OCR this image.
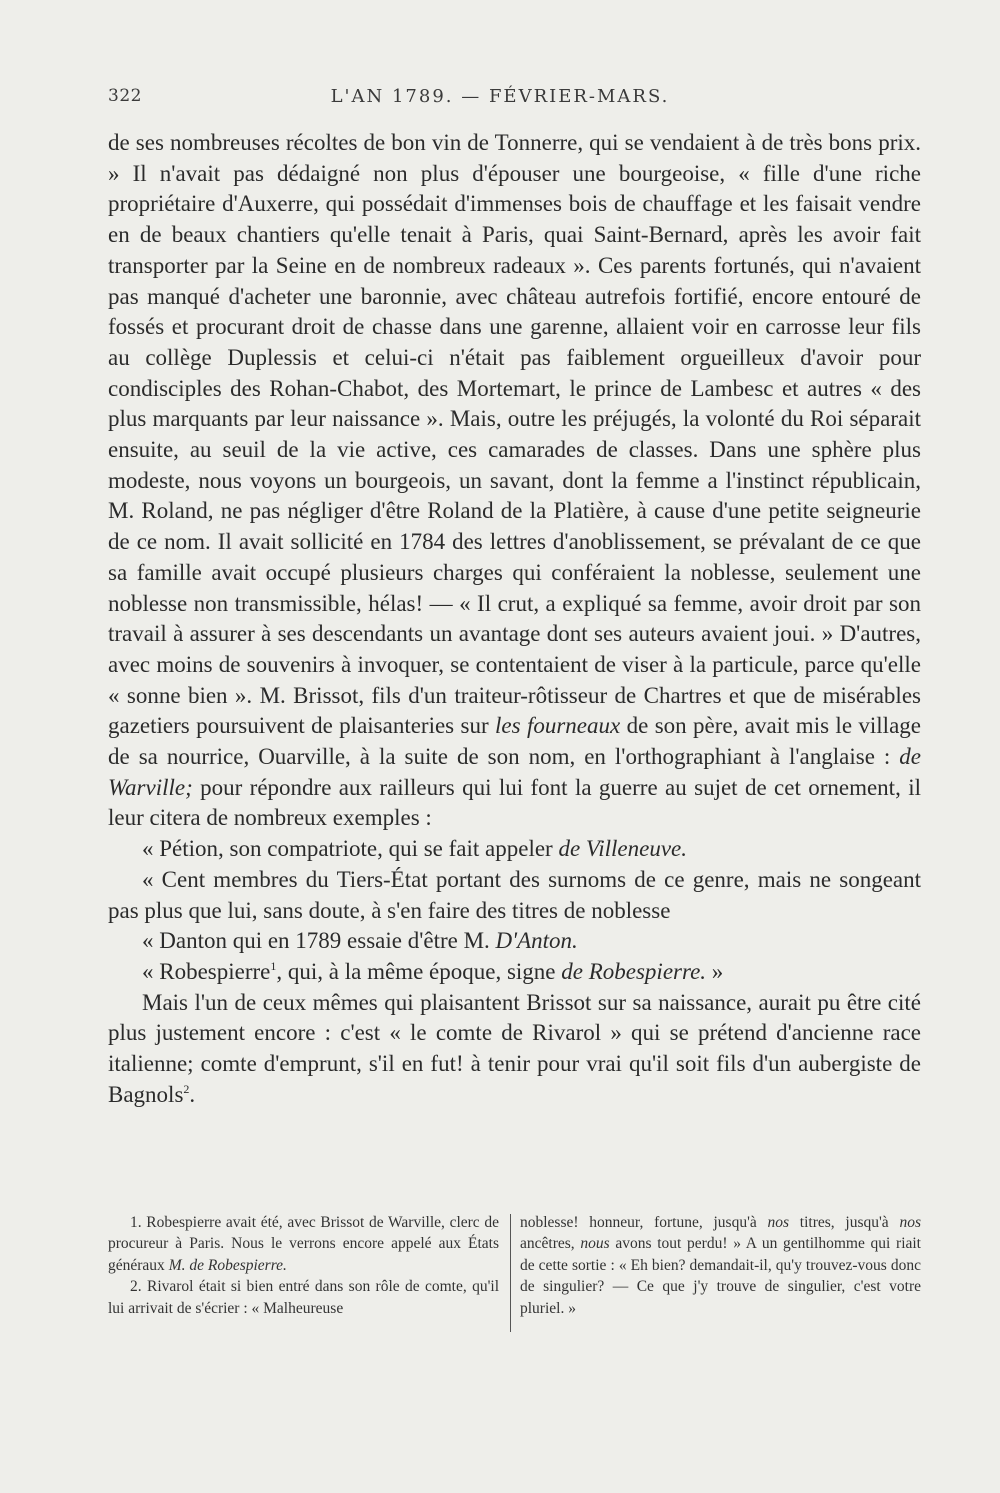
322	L'AN 1789. — FÉVRIER-MARS.

de ses nombreuses récoltes de bon vin de Tonnerre, qui se vendaient à de très bons prix. » Il n'avait pas dédaigné non plus d'épouser une bourgeoise, « fille d'une riche propriétaire d'Auxerre, qui possédait d'immenses bois de chauffage et les faisait vendre en de beaux chantiers qu'elle tenait à Paris, quai Saint-Bernard, après les avoir fait transporter par la Seine en de nombreux radeaux ». Ces parents fortunés, qui n'avaient pas manqué d'acheter une baronnie, avec château autrefois fortifié, encore entouré de fossés et procurant droit de chasse dans une garenne, allaient voir en carrosse leur fils au collège Duplessis et celui-ci n'était pas faiblement orgueilleux d'avoir pour condisciples des Rohan-Chabot, des Mortemart, le prince de Lambesc et autres « des plus marquants par leur naissance ». Mais, outre les préjugés, la volonté du Roi séparait ensuite, au seuil de la vie active, ces camarades de classes. Dans une sphère plus modeste, nous voyons un bourgeois, un savant, dont la femme a l'instinct républicain, M. Roland, ne pas négliger d'être Roland de la Platière, à cause d'une petite seigneurie de ce nom. Il avait sollicité en 1784 des lettres d'anoblissement, se prévalant de ce que sa famille avait occupé plusieurs charges qui conféraient la noblesse, seulement une noblesse non transmissible, hélas! — « Il crut, a expliqué sa femme, avoir droit par son travail à assurer à ses descendants un avantage dont ses auteurs avaient joui. » D'autres, avec moins de souvenirs à invoquer, se contentaient de viser à la particule, parce qu'elle « sonne bien ». M. Brissot, fils d'un traiteur-rôtisseur de Chartres et que de misérables gazetiers poursuivent de plaisanteries sur les fourneaux de son père, avait mis le village de sa nourrice, Ouarville, à la suite de son nom, en l'orthographiant à l'anglaise : de Warville; pour répondre aux railleurs qui lui font la guerre au sujet de cet ornement, il leur citera de nombreux exemples :

« Pétion, son compatriote, qui se fait appeler de Villeneuve.

« Cent membres du Tiers-État portant des surnoms de ce genre, mais ne songeant pas plus que lui, sans doute, à s'en faire des titres de noblesse

« Danton qui en 1789 essaie d'être M. D'Anton.

« Robespierre$^1$, qui, à la même époque, signe de Robespierre. »

Mais l'un de ceux mêmes qui plaisantent Brissot sur sa naissance, aurait pu être cité plus justement encore : c'est « le comte de Rivarol » qui se prétend d'ancienne race italienne; comte d'emprunt, s'il en fut! à tenir pour vrai qu'il soit fils d'un aubergiste de Bagnols$^2$.

1. Robespierre avait été, avec Brissot de Warville, clerc de procureur à Paris. Nous le verrons encore appelé aux États généraux M. de Robespierre.

2. Rivarol était si bien entré dans son rôle de comte, qu'il lui arrivait de s'écrier : « Malheureuse

noblesse! honneur, fortune, jusqu'à nos titres, jusqu'à nos ancêtres, nous avons tout perdu! » A un gentilhomme qui riait de cette sortie : « Eh bien? demandait-il, qu'y trouvez-vous donc de singulier? — Ce que j'y trouve de singulier, c'est votre pluriel. »
